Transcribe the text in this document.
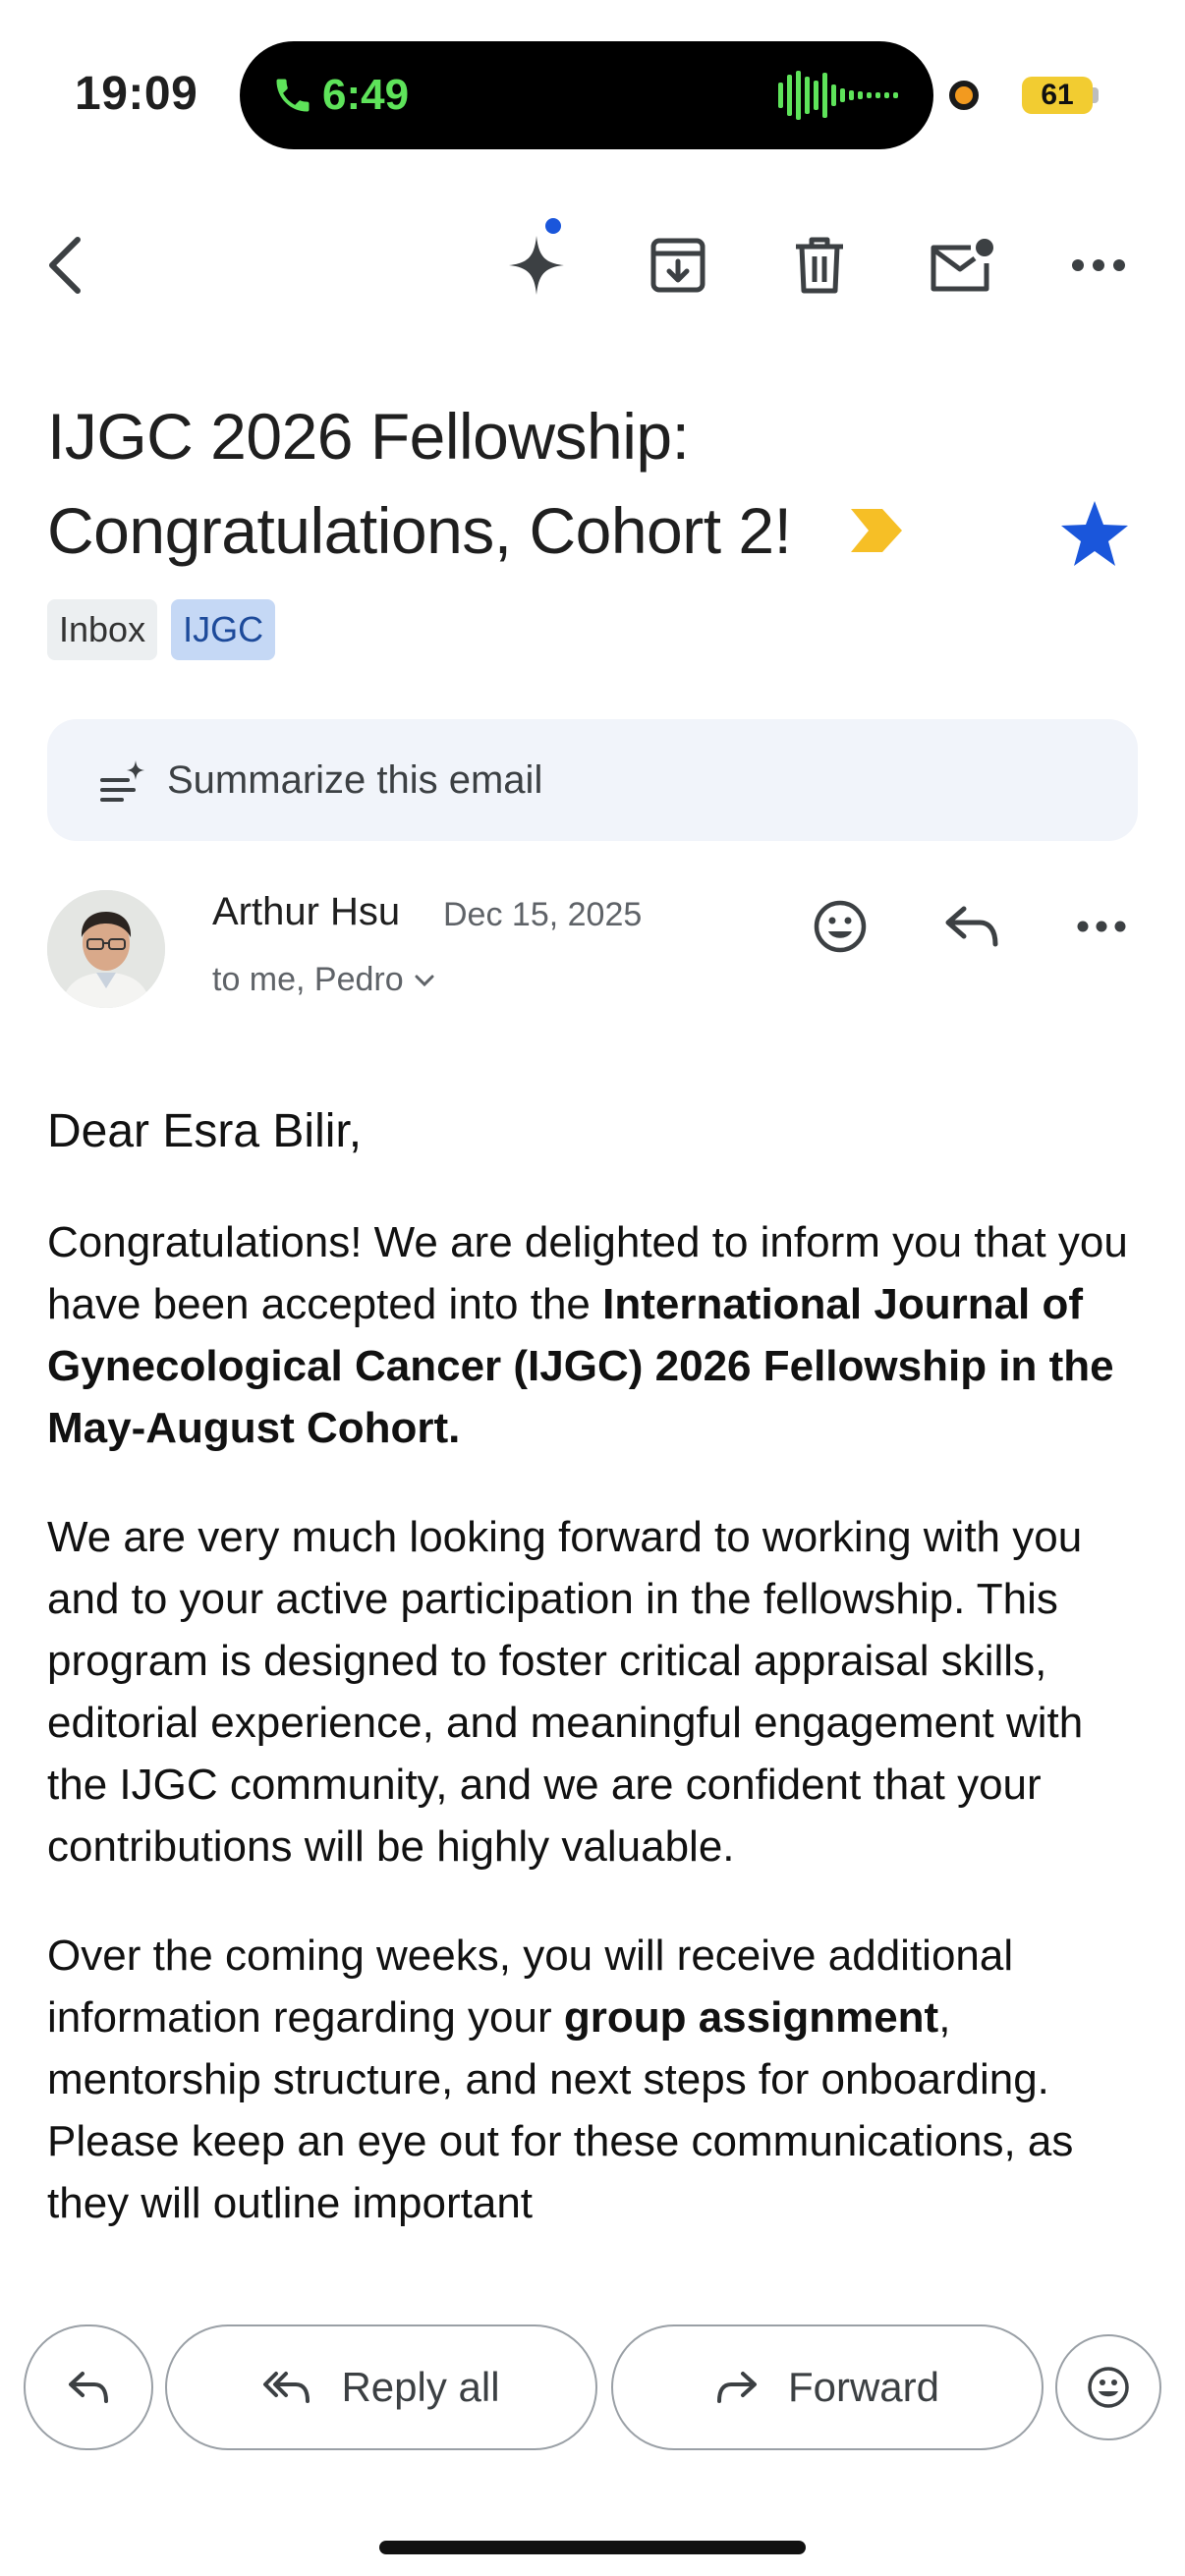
19:09	6:49	61
IJGC 2026 Fellowship: Congratulations, Cohort 2!
Inbox	IJGC
Summarize this email
Arthur Hsu Dec 15, 2025
to me, Pedro

Dear Esra Bilir,

Congratulations! We are delighted to inform you that you have been accepted into the International Journal of Gynecological Cancer (IJGC) 2026 Fellowship in the May-August Cohort.

We are very much looking forward to working with you and to your active participation in the fellowship. This program is designed to foster critical appraisal skills, editorial experience, and meaningful engagement with the IJGC community, and we are confident that your contributions will be highly valuable.

Over the coming weeks, you will receive additional information regarding your group assignment, mentorship structure, and next steps for onboarding. Please keep an eye out for these communications, as they will outline important

Reply all	Forward
